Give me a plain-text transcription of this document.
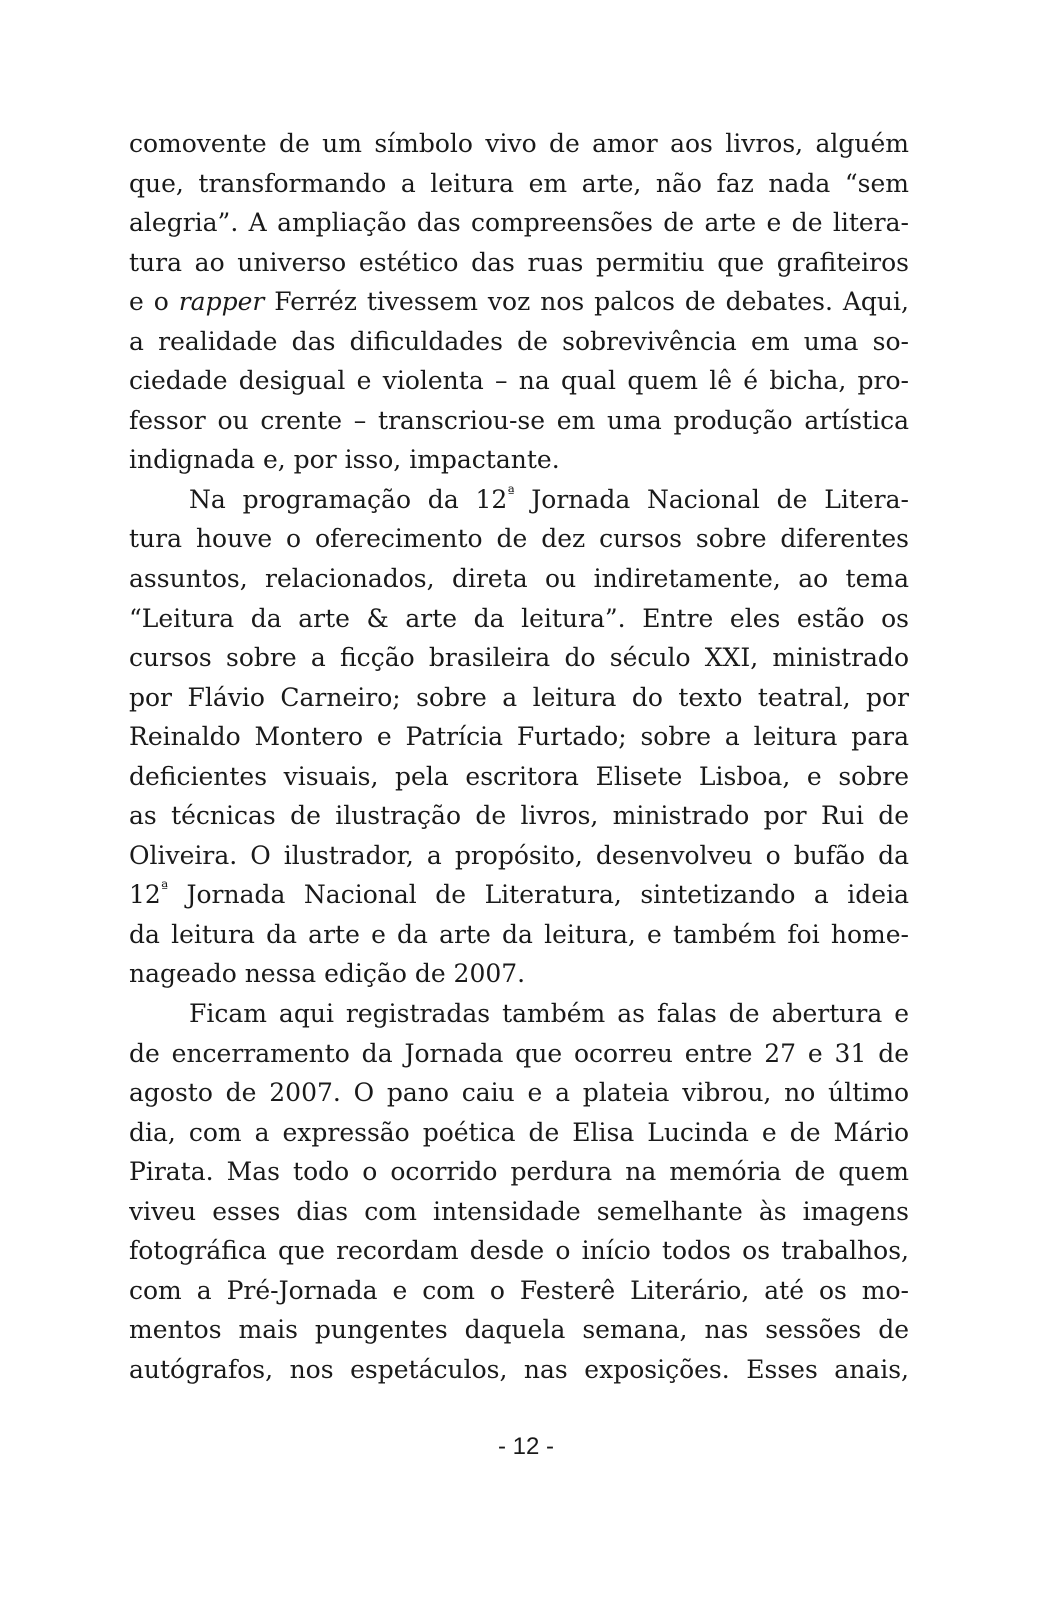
comovente de um símbolo vivo de amor aos livros, alguém
que, transformando a leitura em arte, não faz nada “sem
alegria”. A ampliação das compreensões de arte e de litera-
tura ao universo estético das ruas permitiu que grafiteiros
e o rapper Ferréz tivessem voz nos palcos de debates. Aqui,
a realidade das dificuldades de sobrevivência em uma so-
ciedade desigual e violenta – na qual quem lê é bicha, pro-
fessor ou crente – transcriou-se em uma produção artística
indignada e, por isso, impactante.
Na programação da $12^ª$ Jornada Nacional de Litera-
tura houve o oferecimento de dez cursos sobre diferentes
assuntos, relacionados, direta ou indiretamente, ao tema
“Leitura da arte & arte da leitura”. Entre eles estão os
cursos sobre a ficção brasileira do século XXI, ministrado
por Flávio Carneiro; sobre a leitura do texto teatral, por
Reinaldo Montero e Patrícia Furtado; sobre a leitura para
deficientes visuais, pela escritora Elisete Lisboa, e sobre
as técnicas de ilustração de livros, ministrado por Rui de
Oliveira. O ilustrador, a propósito, desenvolveu o bufão da
$12^ª$ Jornada Nacional de Literatura, sintetizando a ideia
da leitura da arte e da arte da leitura, e também foi home-
nageado nessa edição de 2007.
Ficam aqui registradas também as falas de abertura e
de encerramento da Jornada que ocorreu entre 27 e 31 de
agosto de 2007. O pano caiu e a plateia vibrou, no último
dia, com a expressão poética de Elisa Lucinda e de Mário
Pirata. Mas todo o ocorrido perdura na memória de quem
viveu esses dias com intensidade semelhante às imagens
fotográfica que recordam desde o início todos os trabalhos,
com a Pré-Jornada e com o Festerê Literário, até os mo-
mentos mais pungentes daquela semana, nas sessões de
autógrafos, nos espetáculos, nas exposições. Esses anais,
- 12 -
